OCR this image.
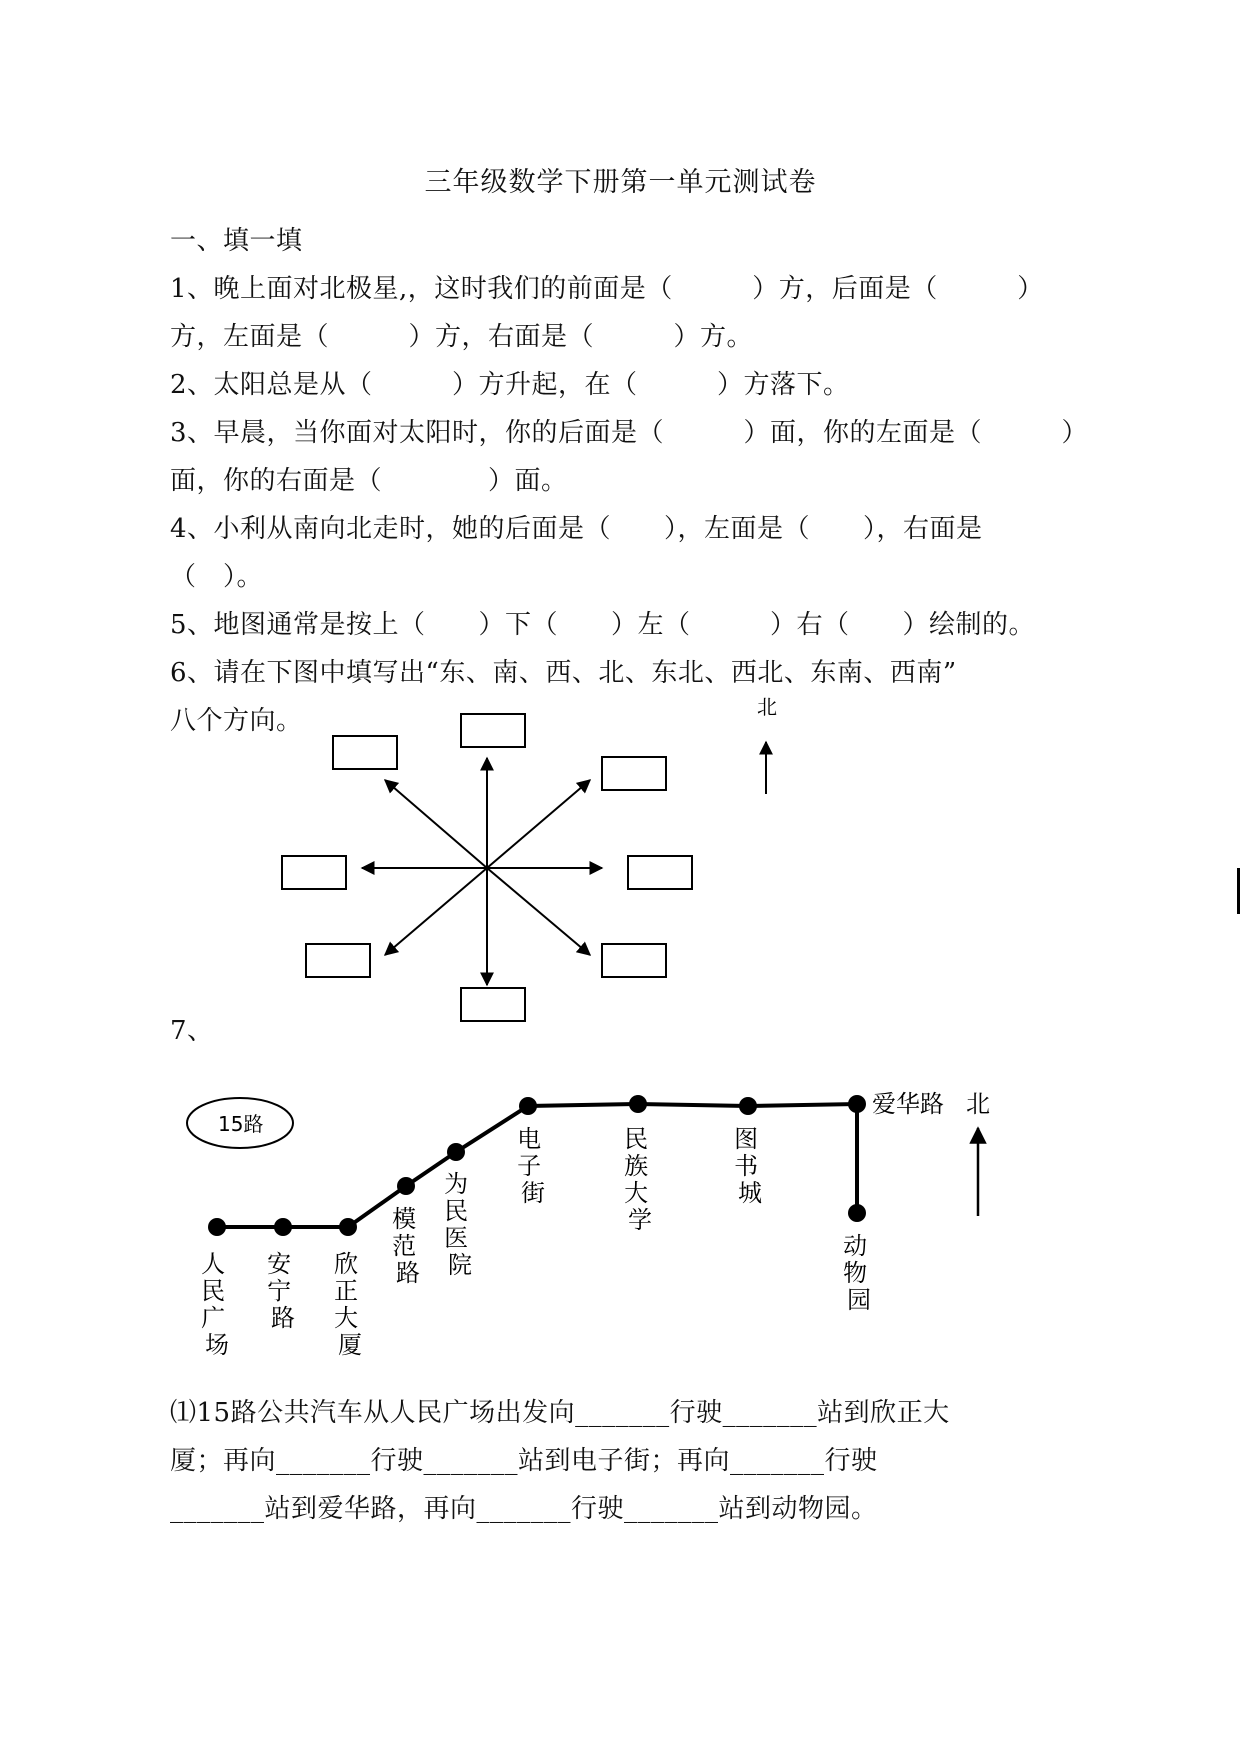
三年级数学下册第一单元测试卷
一、填一填
1、晚上面对北极星,，这时我们的前面是（　　　）方，后面是（　　　）
方，左面是（　　　）方，右面是（　　　）方。
2、太阳总是从（　　　）方升起，在（　　　）方落下。
3、早晨，当你面对太阳时，你的后面是（　　　）面，你的左面是（　　　）
面，你的右面是（　　　　）面。
4、小利从南向北走时，她的后面是（　　），左面是（　　），右面是
（　）。
5、地图通常是按上（　　）下（　　）左（　　　）右（　　）绘制的。
6、请在下图中填写出“东、南、西、北、东北、西北、东南、西南”
八个方向。
7、
⑴15路公共汽车从人民广场出发向_______行驶_______站到欣正大
厦；再向_______行驶_______站到电子街；再向_______行驶
_______站到爱华路，再向_______行驶_______站到动物园。
北
15路
人 民 广 场
安 宁 路
欣 正 大 厦
模 范 路
为 民 医 院
电 子 街
民 族 大 学
图 书 城
动 物 园
爱华路 北
